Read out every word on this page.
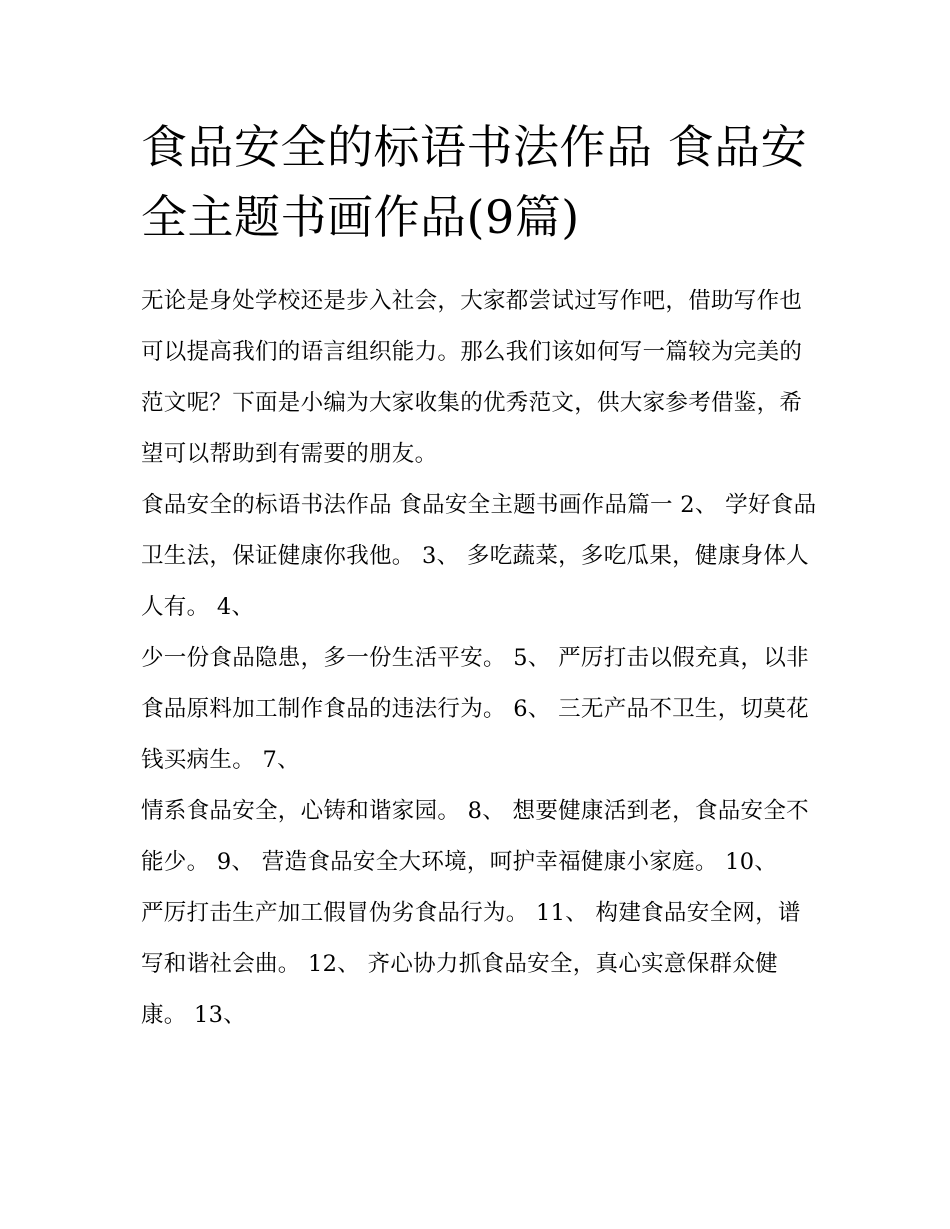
食品安全的标语书法作品 食品安全主题书画作品(9篇)

无论是身处学校还是步入社会，大家都尝试过写作吧，借助写作也可以提高我们的语言组织能力。那么我们该如何写一篇较为完美的范文呢？下面是小编为大家收集的优秀范文，供大家参考借鉴，希望可以帮助到有需要的朋友。

食品安全的标语书法作品 食品安全主题书画作品篇一 2、 学好食品卫生法，保证健康你我他。 3、 多吃蔬菜，多吃瓜果，健康身体人人有。 4、

少一份食品隐患，多一份生活平安。 5、 严厉打击以假充真，以非食品原料加工制作食品的违法行为。 6、 三无产品不卫生，切莫花钱买病生。 7、

情系食品安全，心铸和谐家园。 8、 想要健康活到老，食品安全不能少。 9、 营造食品安全大环境，呵护幸福健康小家庭。 10、

严厉打击生产加工假冒伪劣食品行为。 11、 构建食品安全网，谱写和谐社会曲。 12、 齐心协力抓食品安全，真心实意保群众健康。 13、
